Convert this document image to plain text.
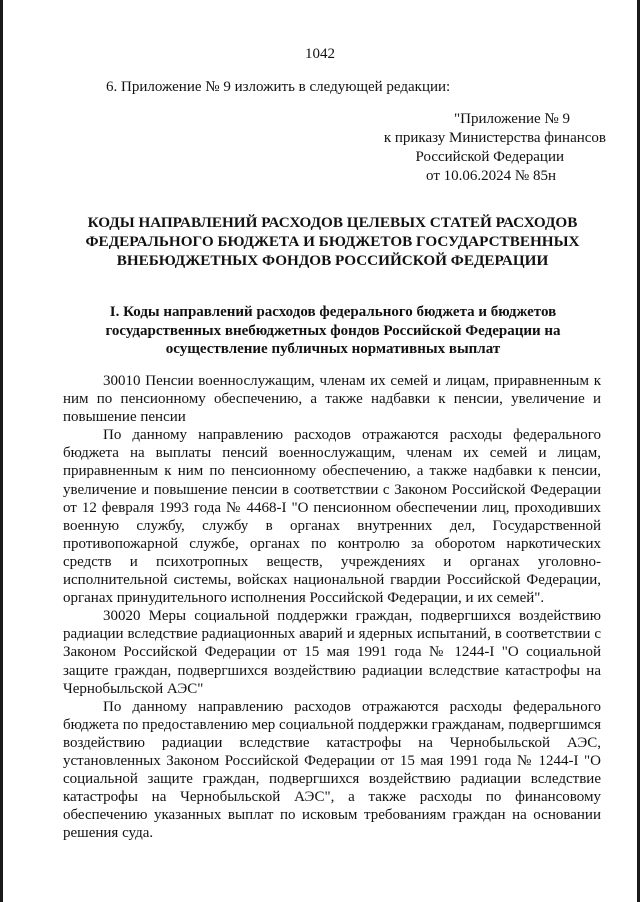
1042
6. Приложение № 9 изложить в следующей редакции:
"Приложение № 9
к приказу Министерства финансов
Российской Федерации
от 10.06.2024 № 85н
КОДЫ НАПРАВЛЕНИЙ РАСХОДОВ ЦЕЛЕВЫХ СТАТЕЙ РАСХОДОВ ФЕДЕРАЛЬНОГО БЮДЖЕТА И БЮДЖЕТОВ ГОСУДАРСТВЕННЫХ ВНЕБЮДЖЕТНЫХ ФОНДОВ РОССИЙСКОЙ ФЕДЕРАЦИИ
I. Коды направлений расходов федерального бюджета и бюджетов государственных внебюджетных фондов Российской Федерации на осуществление публичных нормативных выплат

30010 Пенсии военнослужащим, членам их семей и лицам, приравненным к ним по пенсионному обеспечению, а также надбавки к пенсии, увеличение и повышение пенсии

По данному направлению расходов отражаются расходы федерального бюджета на выплаты пенсий военнослужащим, членам их семей и лицам, приравненным к ним по пенсионному обеспечению, а также надбавки к пенсии, увеличение и повышение пенсии в соответствии с Законом Российской Федерации от 12 февраля 1993 года № 4468-I "О пенсионном обеспечении лиц, проходивших военную службу, службу в органах внутренних дел, Государственной противопожарной службе, органах по контролю за оборотом наркотических средств и психотропных веществ, учреждениях и органах уголовно-исполнительной системы, войсках национальной гвардии Российской Федерации, органах принудительного исполнения Российской Федерации, и их семей".

30020 Меры социальной поддержки граждан, подвергшихся воздействию радиации вследствие радиационных аварий и ядерных испытаний, в соответствии с Законом Российской Федерации от 15 мая 1991 года № 1244-I "О социальной защите граждан, подвергшихся воздействию радиации вследствие катастрофы на Чернобыльской АЭС"

По данному направлению расходов отражаются расходы федерального бюджета по предоставлению мер социальной поддержки гражданам, подвергшимся воздействию радиации вследствие катастрофы на Чернобыльской АЭС, установленных Законом Российской Федерации от 15 мая 1991 года № 1244-I "О социальной защите граждан, подвергшихся воздействию радиации вследствие катастрофы на Чернобыльской АЭС", а также расходы по финансовому обеспечению указанных выплат по исковым требованиям граждан на основании решения суда.
